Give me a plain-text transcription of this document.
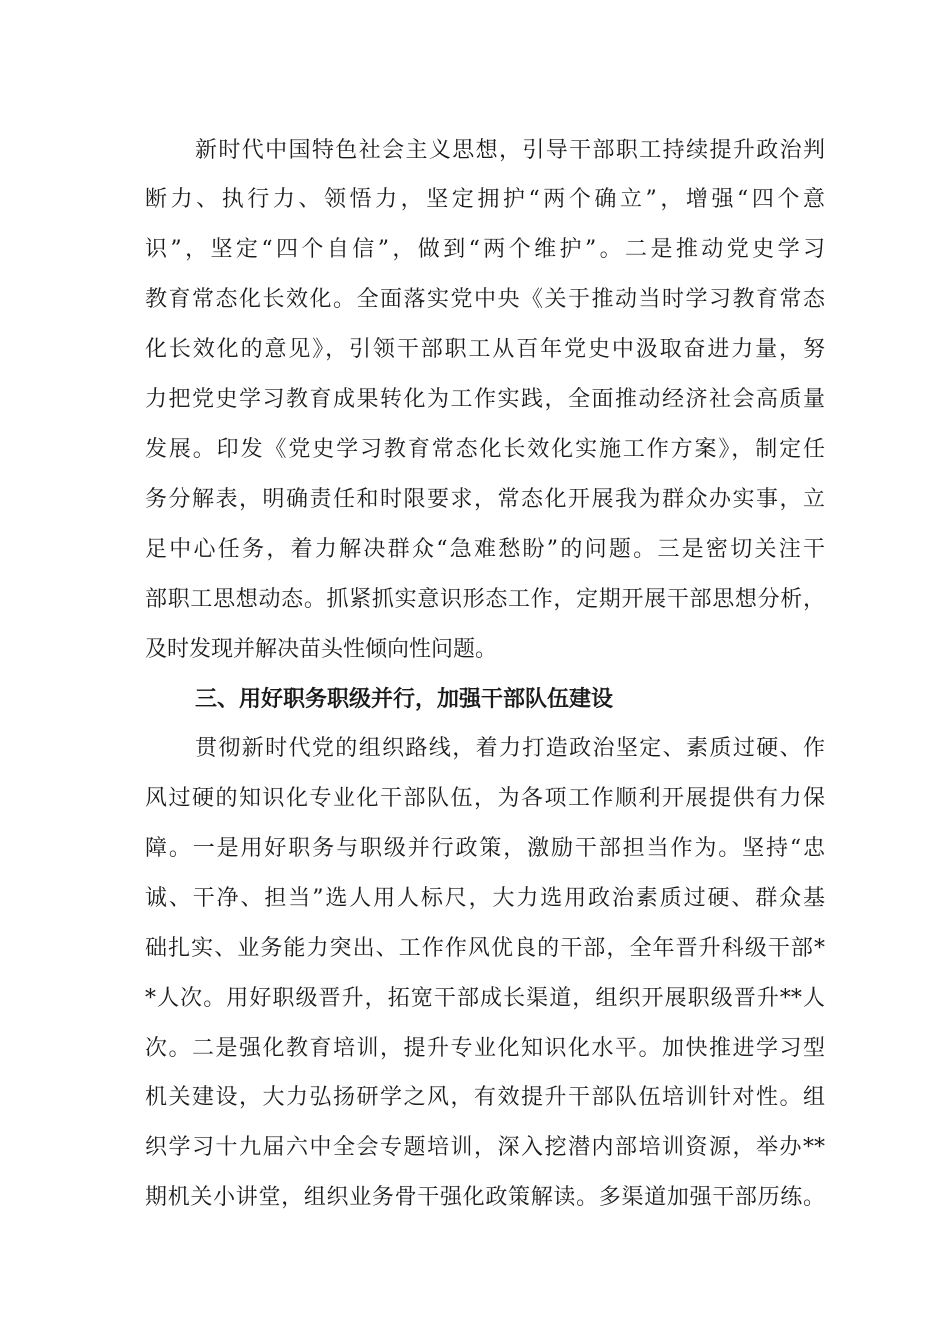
新时代中国特色社会主义思想，引导干部职工持续提升政治判
断力、执行力、领悟力，坚定拥护“两个确立”，增强“四个意
识”，坚定“四个自信”，做到“两个维护”。二是推动党史学习
教育常态化长效化。全面落实党中央《关于推动当时学习教育常态
化长效化的意见》，引领干部职工从百年党史中汲取奋进力量，努
力把党史学习教育成果转化为工作实践，全面推动经济社会高质量
发展。印发《党史学习教育常态化长效化实施工作方案》，制定任
务分解表，明确责任和时限要求，常态化开展我为群众办实事，立
足中心任务，着力解决群众“急难愁盼”的问题。三是密切关注干
部职工思想动态。抓紧抓实意识形态工作，定期开展干部思想分析，
及时发现并解决苗头性倾向性问题。
三、用好职务职级并行，加强干部队伍建设
贯彻新时代党的组织路线，着力打造政治坚定、素质过硬、作
风过硬的知识化专业化干部队伍，为各项工作顺利开展提供有力保
障。一是用好职务与职级并行政策，激励干部担当作为。坚持“忠
诚、干净、担当”选人用人标尺，大力选用政治素质过硬、群众基
础扎实、业务能力突出、工作作风优良的干部，全年晋升科级干部*
*人次。用好职级晋升，拓宽干部成长渠道，组织开展职级晋升**人
次。二是强化教育培训，提升专业化知识化水平。加快推进学习型
机关建设，大力弘扬研学之风，有效提升干部队伍培训针对性。组
织学习十九届六中全会专题培训，深入挖潜内部培训资源，举办**
期机关小讲堂，组织业务骨干强化政策解读。多渠道加强干部历练。
